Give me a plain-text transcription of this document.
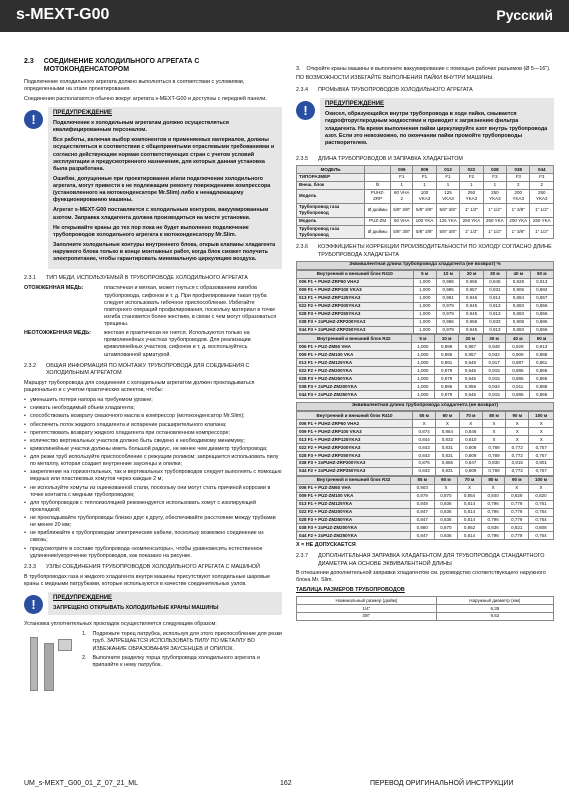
s-MEXT-G00	Русский
2.3 СОЕДИНЕНИЕ ХОЛОДИЛЬНОГО АГРЕГАТА С МОТОКОНДЕНСАТОРОМ

Подключение холодильного агрегата должно выполняться в соответствии с условиями, определенными на этапе проектирования.

Соединения располагаются обычно вокруг агрегата s-MEXT-G00 и доступны с передней панели.

!	ПРЕДУПРЕЖДЕНИЕ

Подключение к холодильным агрегатам должно осуществляться квалифицированным персоналом.

Все работы, включая выбор компонентов и применяемых материалов, должны осуществляться в соответствии с общепринятыми отраслевыми требованиями и согласно действующим нормам соответствующих стран с учетом условий эксплуатации и предусмотренного назначения, для которых данная установка была разработана.

Ошибки, допущенные при проектировании и/или подключении холодильного агрегата, могут привести к не подлежащим ремонту повреждениям компрессора (установленного на мотоконденсаторе Mr.Slim) либо к ненадлежащему функционированию машины.

Агрегат s-MEXT-G00 поставляется с холодильным контуром, вакуумированным азотом. Заправка хладагента должна производиться на месте установки.

Не открывайте краны до тех пор пока не будет выполнено подключение трубопроводов холодильного агрегата к мотоконденсатору Mr.Slim.

Заполните холодильные контуры внутреннего блока, открыв клапаны хладагента наружного блока только в конце монтажных работ, когда блок сможет получить электропитание, чтобы гарантировать минимальную циркуляцию воздуха.

2.3.1 ТИП МЕДИ, ИСПОЛЬЗУЕМЫЙ В ТРУБОПРОВОДЕ ХОЛОДИЛЬНОГО АГРЕГАТА
ОТОЖЖЕННАЯ МЕДЬ:	пластичная и мягкая, может гнуться с образованием изгибов трубопровода, сифонов и т. д. При профилировании такая труба следует использовать гибочное приспособление. Избегайте повторного операций профилирования, поскольку материал в точке изгиба становится более жестким, в связи с чем могут образоваться трещины.
НЕОТОЖЖЕННАЯ МЕДЬ:	жесткая и практически не гнется. Используются только на прямолинейных участках трубопроводов. Для реализации криволинейных участков, сифонов и т. д. воспользуйтесь штампованной арматурой.
2.3.2 ОБЩАЯ ИНФОРМАЦИЯ ПО МОНТАЖУ ТРУБОПРОВОДА ДЛЯ СОЕДИНЕНИЯ С ХОЛОДИЛЬНЫМ АГРЕГАТОМ

Маршрут трубопровода для соединения с холодильным агрегатом должен прокладываться рационально и с учетом практических аспектов, чтобы:

• уменьшить потери напора на требуемом уровне;
• снижать необходимый объем хладагента;
• способствовать возврату смазочного масла в компрессор (мотоконденсатор Mr.Slim);
• обеспечить поток жидкого хладагента и испарение расширительного клапана;
• препятствовать возврату жидкого хладагента при остановленном компрессоре;
• количество вертикальных участков должно быть сведено к необходимому минимуму;
• криволинейные участки должны иметь большой радиус, не менее чем диаметр трубопровода;
• для резки труб используйте приспособление с режущим роликом; запрещается использовать пилу по металлу, которая создает внутренние заусенцы и опилки;
• закрепление на горизонтальных, так и вертикальных трубопроводов следует выполнять с помощью медных или пластиковых хомутов через каждые 2 м;
• не используйте хомуты из оцинкованной стали, поскольку они могут стать причиной коррозии в точке контакта с медным трубопроводом;
• для трубопроводов с теплоизоляцией рекомендуется использовать хомут с изолирующей прокладкой;
• не прокладывайте трубопроводы близко друг к другу, обеспечивайте расстояние между трубками не менее 20 мм;
• не приближайте к трубопроводам электрические кабели, поскольку возможно соединение из сквозь;
• предусмотрите в составе трубопровода «компенсаторы», чтобы уравновесить естественное удлинение/укорочение трубопроводов, как показано на рисунке.
2.3.3 УЗЛЫ СОЕДИНЕНИЯ ТРУБОПРОВОДОВ ХОЛОДИЛЬНОГО АГРЕГАТА С МАШИНОЙ

В трубопроводах газа и жидкого хладагента внутри машины присутствуют холодильные шаровые краны с медными патрубками, которые используются в качестве соединительных узлов.

!	ПРЕДУПРЕЖДЕНИЕ
ЗАПРЕЩЕНО ОТКРЫВАТЬ ХОЛОДИЛЬНЫЕ КРАНЫ МАШИНЫ

Установка уплотнительных прокладок осуществляется следующим образом:

1. Подрежьте торец патрубка, используя для этого приспособление для резки труб. ЗАПРЕЩАЕТСЯ ИСПОЛЬЗОВАТЬ ПИЛУ ПО МЕТАЛЛУ ВО ИЗБЕЖАНИЕ ОБРАЗОВАНИЯ ЗАУСЕНЦЕВ И ОПИЛОК.
2. Выполните разделку торца трубопровода холодильного агрегата и припаяйте к нему патрубок.
3. Откройте краны машины и выполните вакуумирование с помощью рабочих разъемов (Ø 5—16").

ПО ВОЗМОЖНОСТИ ИЗБЕГАЙТЕ ВЫПОЛНЕНИЯ ПАЙКИ ВНУТРИ МАШИНЫ.

2.3.4 ПРОМЫВКА ТРУБОПРОВОДОВ ХОЛОДИЛЬНОГО АГРЕГАТА
!	ПРЕДУПРЕЖДЕНИЕ
Окисел, образующийся внутри трубопровода в ходе пайки, смывается гидрофторуглеродным жидкостями и приводит к загрязнению фильтра хладагента. На время выполнения пайки циркулируйте азот внутрь трубопровода азот. Если это невозможно, по окончании пайки промойте трубопроводы растворителем.
2.3.5 ДЛИНА ТРУБОПРОВОДОВ И ЗАПРАВКА ХЛАДАГЕНТОМ
МОДЕЛЬ		006	009	013	022	028	038	044
ТИПОРАЗМЕР		F1	F1	F1	F2	F3	F3	F3
Внеш. блок	ht	1	1	1	1	1	2	2
Модель	PUHZ-ZRP	60 VHA 2	100 VKA3	125 VKA3	250 YKA3	250 YKA3	200 YKA3	250 YKA3
Трубопровод газа Трубопровод	Ø дюймы	5/8" 3/8"	5/8" 3/8"	5/8" 3/8"	1" 1/2"	1" 1/2"	1" 3/8"	1" 1/2"
Модель	PUZ-ZM	60 VHA	100 YKA	125 YKA	250 YKA	250 YKA	200 YKA	250 YKA
Трубопровод газа Трубопровод	Ø дюймы	5/8" 3/8"	5/8" 3/8"	5/8" 3/8"	1" 1/2"	1" 1/2"	1" 3/8"	1" 1/2"
2.3.6 КОЭФФИЦИЕНТЫ КОРРЕКЦИИ ПРОИЗВОДИТЕЛЬНОСТИ ПО ХОЛОДУ СОГЛАСНО ДЛИНЕ ТРУБОПРОВОДА ХЛАДАГЕНТА
Эквивалентная длина трубопровода хладагента (не возврат) %
Внутренний и внешний блок R410	5 м	10 м	20 м	30 м	40 м	50 м
006 F1 + PUHZ-ZRP60 VHA2	1,000	0,988	0,965	0,945	0,928	0,913
009 F1 + PUHZ-ZRP100 VKA3	1,000	0,985	0,957	0,931	0,906	0,884
013 F1 + PUHZ-ZRP125YKA3	1,000	0,981	0,946	0,914	0,884	0,857
022 F2 + PUHZ-ZRP200YKA3	1,000	0,979	0,945	0,913	0,883	0,856
028 F3 + PUHZ-ZRP250YKA3	1,000	0,979	0,945	0,913	0,883	0,856
038 F3 + 2xPUHZ-ZRP200YKA3	1,000	0,986	0,958	0,933	0,908	0,886
044 F3 + 2xPUHZ-ZRP250YKA3	1,000	0,979	0,945	0,913	0,883	0,856
Внутренний и внешний блок R32	5 м	10 м	20 м	30 м	40 м	50 м
006 F1 + PUZ-ZM60 VHA	1,000	0,989	0,967	0,948	0,929	0,913
009 F1 + PUZ-ZM100 VKA	1,000	0,985	0,957	0,932	0,909	0,888
013 F1 + PUZ-ZM125YKA	1,000	0,981	0,948	0,917	0,887	0,861
022 F2 + PUZ-ZM200YKA	1,000	0,979	0,946	0,915	0,886	0,858
028 F3 + PUZ-ZM250YKA	1,000	0,979	0,946	0,915	0,886	0,858
038 F3 + 2xPUZ-ZM200YKA	1,000	0,986	0,959	0,934	0,911	0,888
044 F3 + 2xPUZ-ZM250YKA	1,000	0,979	0,946	0,915	0,886	0,858
Эквивалентная длина трубопровода хладагента (не возврат)
Внутренний и внешний блок R410	55 м	60 м	70 м	80 м	90 м	100 м
006 F1 + PUHZ-ZRP60 VHA2	X	X	X	X	X	X
009 F1 + PUHZ-ZRP100 VKA3	0,874	0,864	0,846	X	X	X
013 F1 + PUHZ-ZRP125YKA3	0,844	0,832	0,810	X	X	X
022 F2 + PUHZ-ZRP200YKA3	0,843	0,831	0,809	0,789	0,772	0,757
028 F3 + PUHZ-ZRP250YKA3	0,843	0,831	0,809	0,789	0,772	0,757
038 F3 + 2xPUHZ-ZRP200YKA3	0,875	0,865	0,847	0,830	0,815	0,801
044 F2 + 2xPUHZ-ZRP250YKA3	0,843	0,831	0,809	0,789	0,772	0,757
Внутренний и внешний блок R32	55 м	60 м	70 м	80 м	90 м	100 м
006 F1 + PUZ-ZM60 VHA	0,903	X	X	X	X	X
009 F1 + PUZ-ZM100 VKA	0,879	0,870	0,854	0,840	0,829	0,820
013 F1 + PUZ-ZM125YKA	0,848	0,836	0,814	0,796	0,779	0,761
022 F2 + PUZ-ZM200YKA	0,847	0,836	0,814	0,796	0,779	0,764
028 F3 + PUZ-ZM250YKA	0,847	0,836	0,814	0,796	0,779	0,764
038 F3 + 2xPUZ-ZM200YKA	0,880	0,870	0,852	0,836	0,821	0,808
044 F2 + 2xPUZ-ZM250YKA	0,847	0,836	0,814	0,796	0,779	0,764
X = НЕ ДОПУСКАЕТСЯ
2.3.7 ДОПОЛНИТЕЛЬНАЯ ЗАПРАВКА ХЛАДАГЕНТОМ ДЛЯ ТРУБОПРОВОДА СТАНДАРТНОГО ДИАМЕТРА НА ОСНОВЕ ЭКВИВАЛЕНТНОЙ ДЛИНЫ

В отношении дополнительной заправки хладагентом см. руководство соответствующего наружного блока Mr. Slim.

ТАБЛИЦА РАЗМЕРОВ ТРУБОПРОВОДОВ
Номинальный размер (дюйм)	Наружный диаметр (мм)
1/4"	6,35
3/8"	9,52
UM_s-MEXT_G00_01_Z_07_21_ML	162	ПЕРЕВОД ОРИГИНАЛЬНОЙ ИНСТРУКЦИИ
